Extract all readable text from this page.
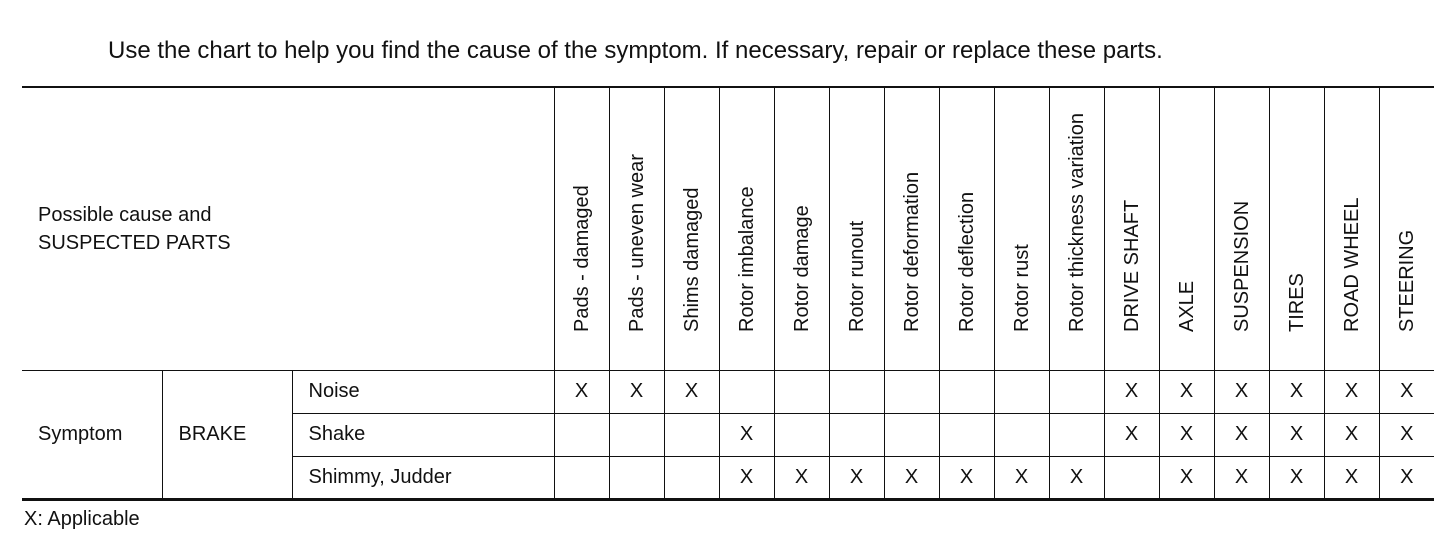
Use the chart to help you find the cause of the symptom. If necessary, repair or replace these parts.
Possible cause and
SUSPECTED PARTS			Pads - damaged	Pads - uneven wear	Shims damaged	Rotor imbalance	Rotor damage	Rotor runout	Rotor deformation	Rotor deflection	Rotor rust	Rotor thickness variation	DRIVE SHAFT	AXLE	SUSPENSION	TIRES	ROAD WHEEL	STEERING

Symptom	BRAKE	Noise	X	X	X								X	X	X	X	X	X
		Shake				X							X	X	X	X	X	X
		Shimmy, Judder				X	X	X	X	X	X	X		X	X	X	X	X
X: Applicable
